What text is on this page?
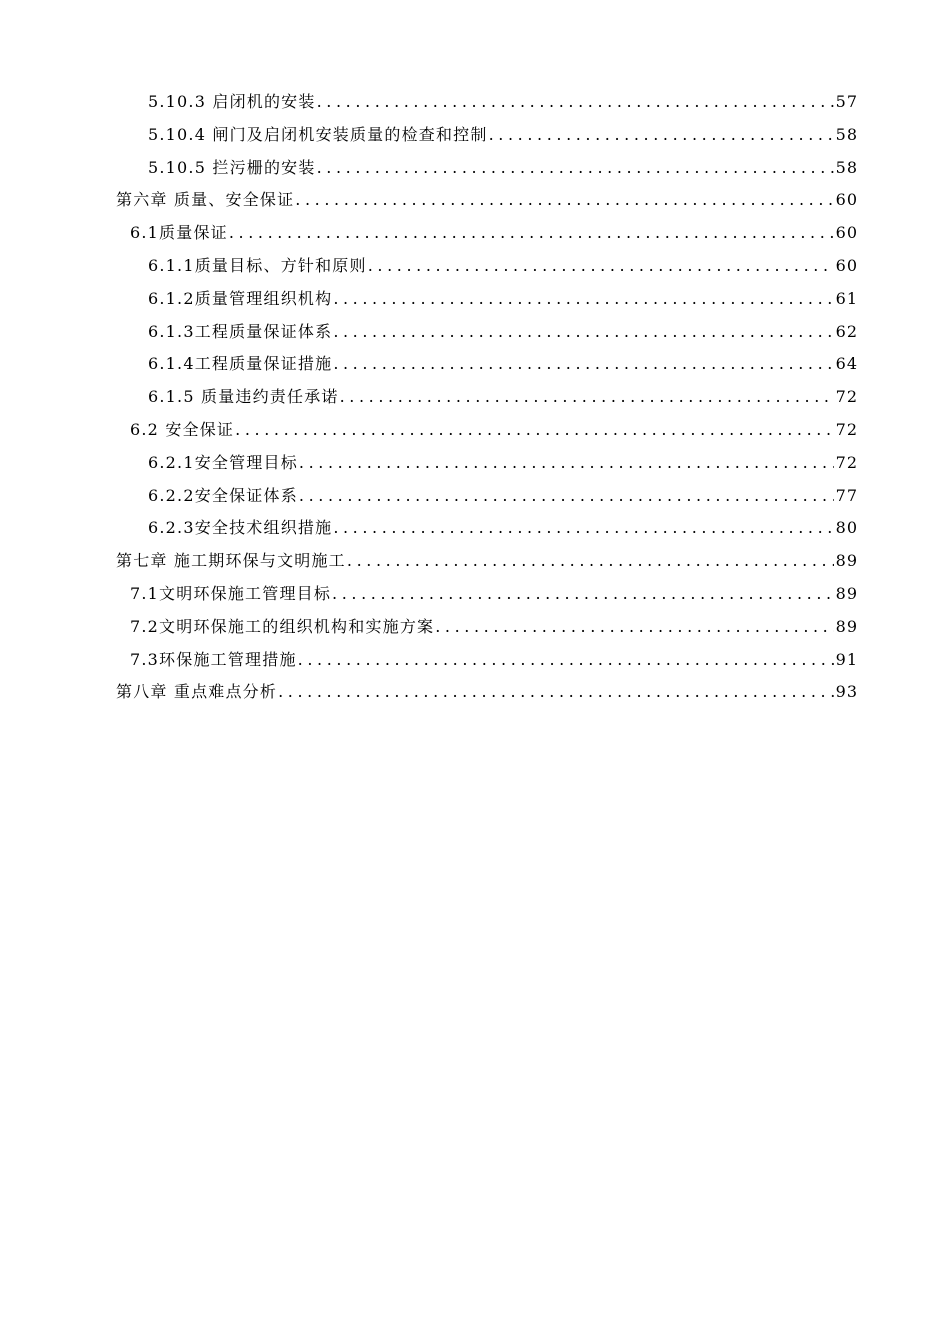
5.10.3 启闭机的安装 .....	57
5.10.4 闸门及启闭机安装质量的检查和控制 .....	58
5.10.5 拦污栅的安装 .....	58
第六章 质量、安全保证 .....	60
6.1质量保证 .....	60
6.1.1质量目标、方针和原则 .....	60
6.1.2质量管理组织机构 .....	61
6.1.3工程质量保证体系 .....	62
6.1.4工程质量保证措施 .....	64
6.1.5 质量违约责任承诺 .....	72
6.2 安全保证 .....	72
6.2.1安全管理目标 .....	72
6.2.2安全保证体系 .....	77
6.2.3安全技术组织措施 .....	80
第七章 施工期环保与文明施工 .....	89
7.1文明环保施工管理目标 .....	89
7.2文明环保施工的组织机构和实施方案 .....	89
7.3环保施工管理措施 .....	91
第八章 重点难点分析 .....	93
